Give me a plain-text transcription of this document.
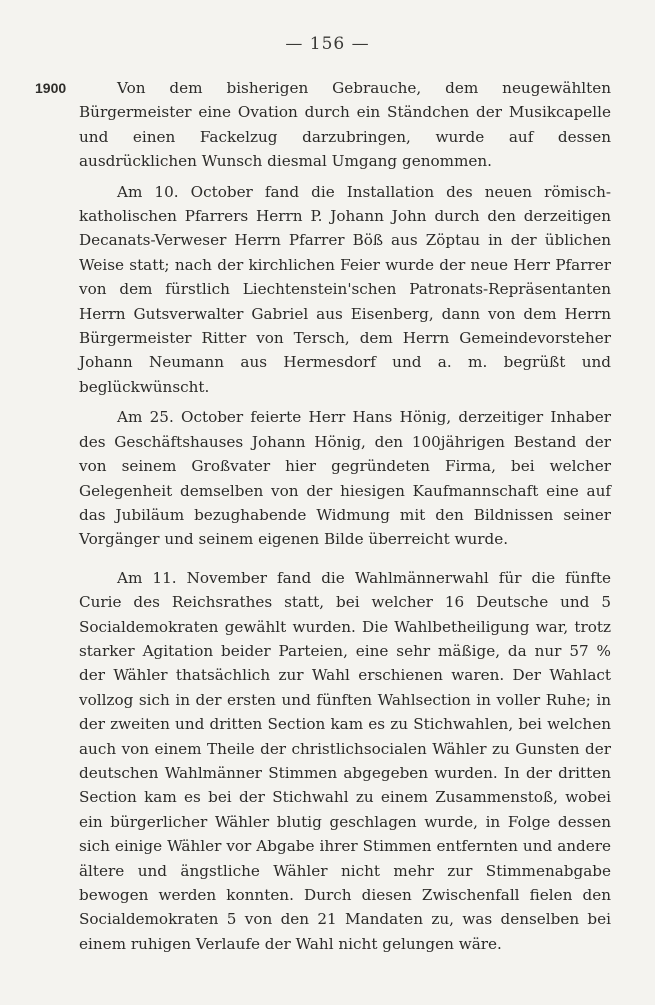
— 156 —
1900	Von dem bisherigen Gebrauche, dem neugewählten Bürgermeister eine Ovation durch ein Ständchen der Musikcapelle und einen Fackelzug darzubringen, wurde auf dessen ausdrücklichen Wunsch diesmal Umgang genommen.

Am 10. October fand die Installation des neuen römisch-katholischen Pfarrers Herrn P. Johann John durch den derzeitigen Decanats-Verweser Herrn Pfarrer Böß aus Zöptau in der üblichen Weise statt; nach der kirchlichen Feier wurde der neue Herr Pfarrer von dem fürstlich Liechtenstein'schen Patronats-Repräsentanten Herrn Gutsverwalter Gabriel aus Eisenberg, dann von dem Herrn Bürgermeister Ritter von Tersch, dem Herrn Gemeindevorsteher Johann Neumann aus Hermesdorf und a. m. begrüßt und beglückwünscht.

Am 25. October feierte Herr Hans Hönig, derzeitiger Inhaber des Geschäftshauses Johann Hönig, den 100jährigen Bestand der von seinem Großvater hier gegründeten Firma, bei welcher Gelegenheit demselben von der hiesigen Kaufmannschaft eine auf das Jubiläum bezughabende Widmung mit den Bildnissen seiner Vorgänger und seinem eigenen Bilde überreicht wurde.

Am 11. November fand die Wahlmännerwahl für die fünfte Curie des Reichsrathes statt, bei welcher 16 Deutsche und 5 Socialdemokraten gewählt wurden. Die Wahlbetheiligung war, trotz starker Agitation beider Parteien, eine sehr mäßige, da nur 57 % der Wähler thatsächlich zur Wahl erschienen waren. Der Wahlact vollzog sich in der ersten und fünften Wahlsection in voller Ruhe; in der zweiten und dritten Section kam es zu Stichwahlen, bei welchen auch von einem Theile der christlichsocialen Wähler zu Gunsten der deutschen Wahlmänner Stimmen abgegeben wurden. In der dritten Section kam es bei der Stichwahl zu einem Zusammenstoß, wobei ein bürgerlicher Wähler blutig geschlagen wurde, in Folge dessen sich einige Wähler vor Abgabe ihrer Stimmen entfernten und andere ältere und ängstliche Wähler nicht mehr zur Stimmenabgabe bewogen werden konnten. Durch diesen Zwischenfall fielen den Socialdemokraten 5 von den 21 Mandaten zu, was denselben bei einem ruhigen Verlaufe der Wahl nicht gelungen wäre.
